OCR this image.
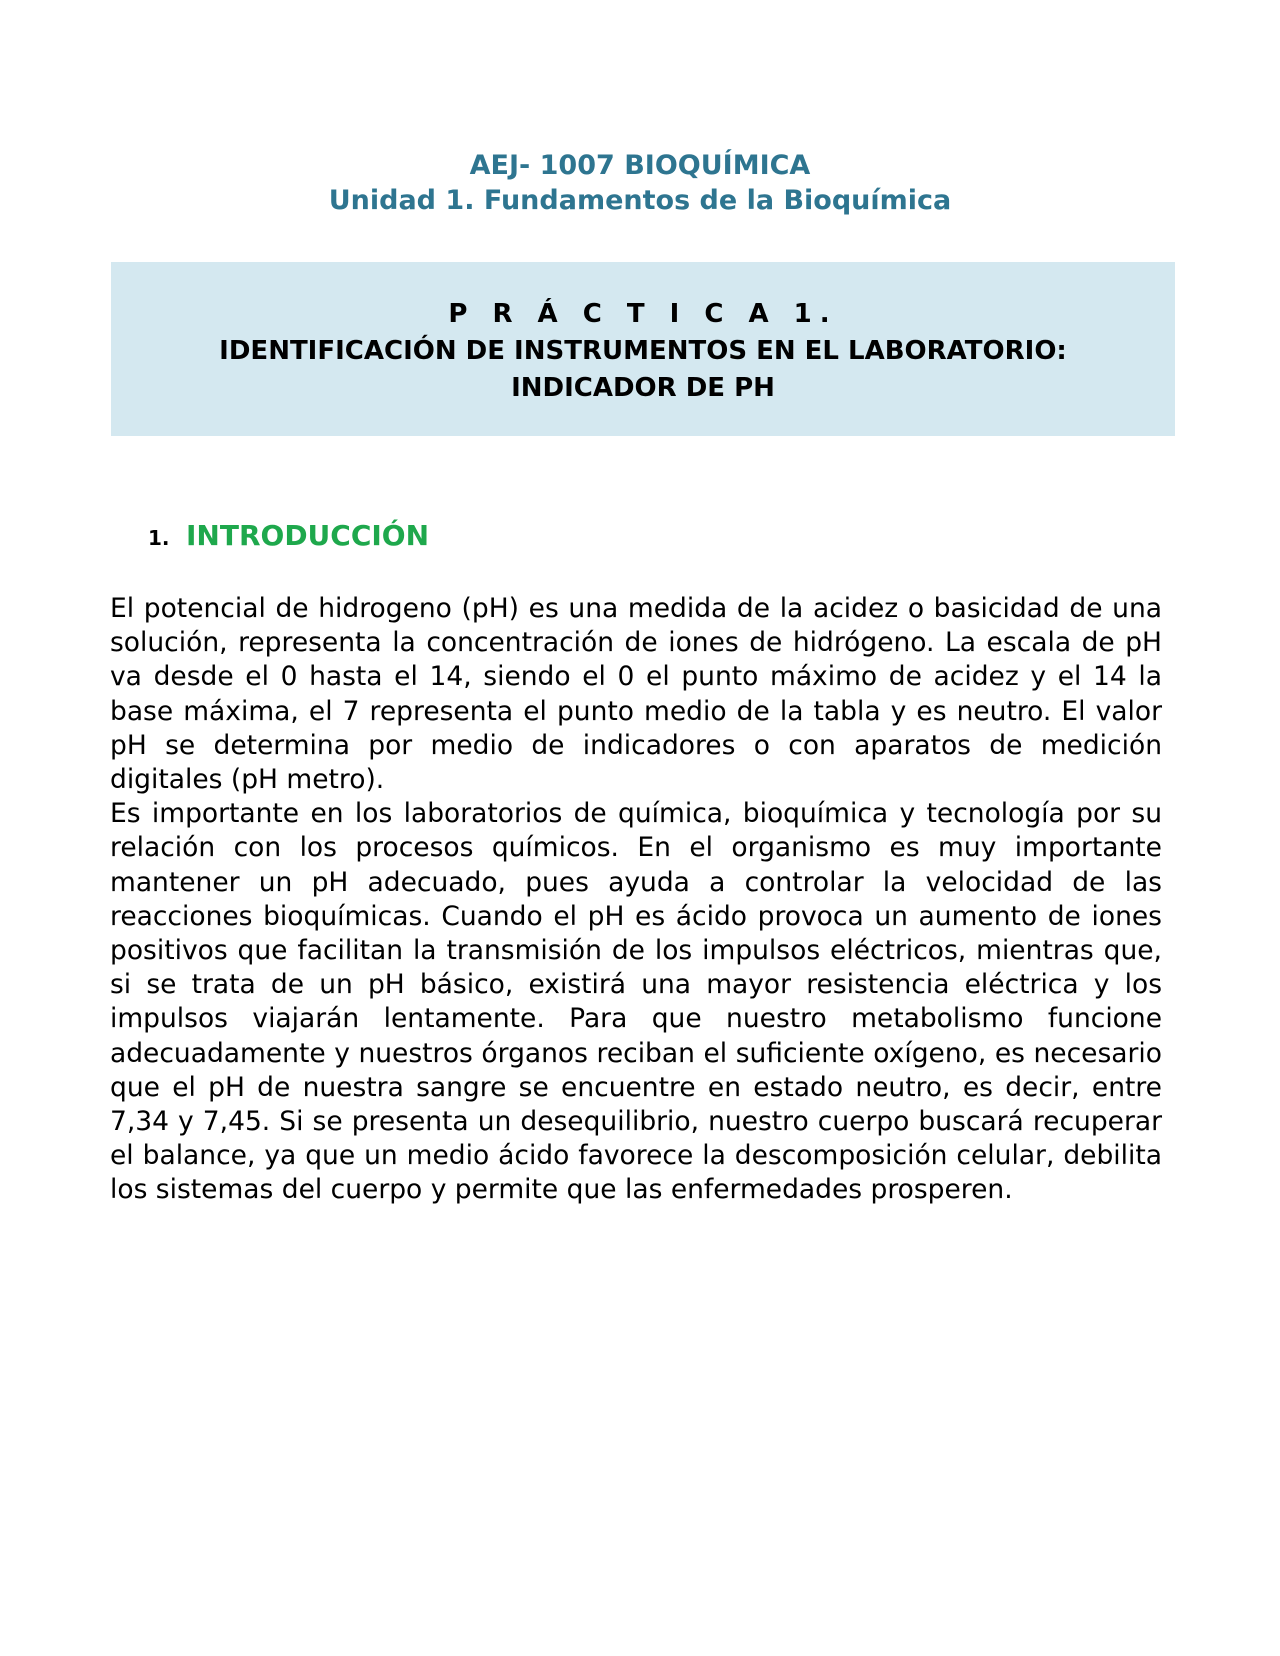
AEJ- 1007 BIOQUÍMICA
Unidad 1. Fundamentos de la Bioquímica
P R Á C T I C A 1.
IDENTIFICACIÓN DE INSTRUMENTOS EN EL LABORATORIO:
INDICADOR DE PH
1. INTRODUCCIÓN

El potencial de hidrogeno (pH) es una medida de la acidez o basicidad de una solución, representa la concentración de iones de hidrógeno. La escala de pH va desde el 0 hasta el 14, siendo el 0 el punto máximo de acidez y el 14 la base máxima, el 7 representa el punto medio de la tabla y es neutro. El valor pH se determina por medio de indicadores o con aparatos de medición digitales (pH metro).

Es importante en los laboratorios de química, bioquímica y tecnología por su relación con los procesos químicos. En el organismo es muy importante mantener un pH adecuado, pues ayuda a controlar la velocidad de las reacciones bioquímicas. Cuando el pH es ácido provoca un aumento de iones positivos que facilitan la transmisión de los impulsos eléctricos, mientras que, si se trata de un pH básico, existirá una mayor resistencia eléctrica y los impulsos viajarán lentamente. Para que nuestro metabolismo funcione adecuadamente y nuestros órganos reciban el suficiente oxígeno, es necesario que el pH de nuestra sangre se encuentre en estado neutro, es decir, entre 7,34 y 7,45. Si se presenta un desequilibrio, nuestro cuerpo buscará recuperar el balance, ya que un medio ácido favorece la descomposición celular, debilita los sistemas del cuerpo y permite que las enfermedades prosperen.
